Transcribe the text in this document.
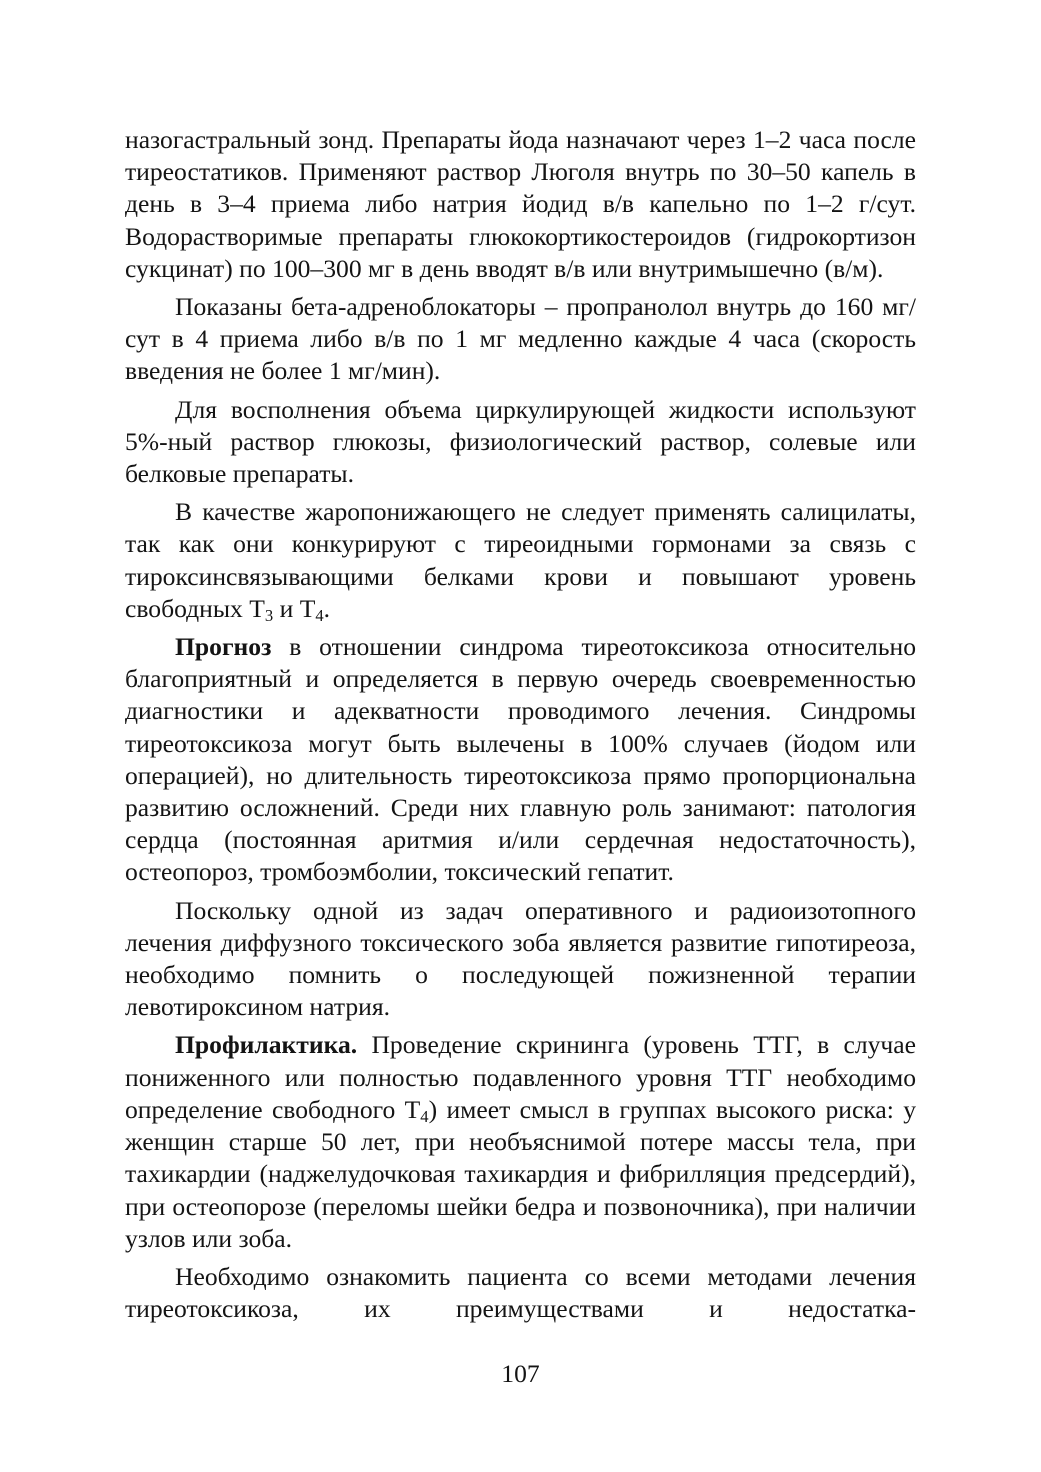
назогастральный зонд. Препараты йода назначают через 1–2 часа после тиреостатиков. Применяют раствор Люголя внутрь по 30–50 капель в день в 3–4 приема либо натрия йодид в/в капельно по 1–2 г/сут. Водорастворимые препараты глюкокортикостероидов (гидрокортизон сукцинат) по 100–300 мг в день вводят в/в или внутримышечно (в/м).

Показаны бета-адреноблокаторы – пропранолол внутрь до 160 мг/сут в 4 приема либо в/в по 1 мг медленно каждые 4 часа (скорость введения не более 1 мг/мин).

Для восполнения объема циркулирующей жидкости используют 5%-ный раствор глюкозы, физиологический раствор, солевые или белковые препараты.

В качестве жаропонижающего не следует применять салицилаты, так как они конкурируют с тиреоидными гормонами за связь с тироксинсвязывающими белками крови и повышают уровень свободных $Т_3$ и $Т_4$.

Прогноз в отношении синдрома тиреотоксикоза относительно благоприятный и определяется в первую очередь своевременностью диагностики и адекватности проводимого лечения. Синдромы тиреотоксикоза могут быть вылечены в 100% случаев (йодом или операцией), но длительность тиреотоксикоза прямо пропорциональна развитию осложнений. Среди них главную роль занимают: патология сердца (постоянная аритмия и/или сердечная недостаточность), остеопороз, тромбоэмболии, токсический гепатит.

Поскольку одной из задач оперативного и радиоизотопного лечения диффузного токсического зоба является развитие гипотиреоза, необходимо помнить о последующей пожизненной терапии левотироксином натрия.

Профилактика. Проведение скрининга (уровень ТТГ, в случае пониженного или полностью подавленного уровня ТТГ необходимо определение свободного $Т_4$) имеет смысл в группах высокого риска: у женщин старше 50 лет, при необъяснимой потере массы тела, при тахикардии (наджелудочковая тахикардия и фибрилляция предсердий), при остеопорозе (переломы шейки бедра и позвоночника), при наличии узлов или зоба.

Необходимо ознакомить пациента со всеми методами лечения тиреотоксикоза, их преимуществами и недостатка-

107
